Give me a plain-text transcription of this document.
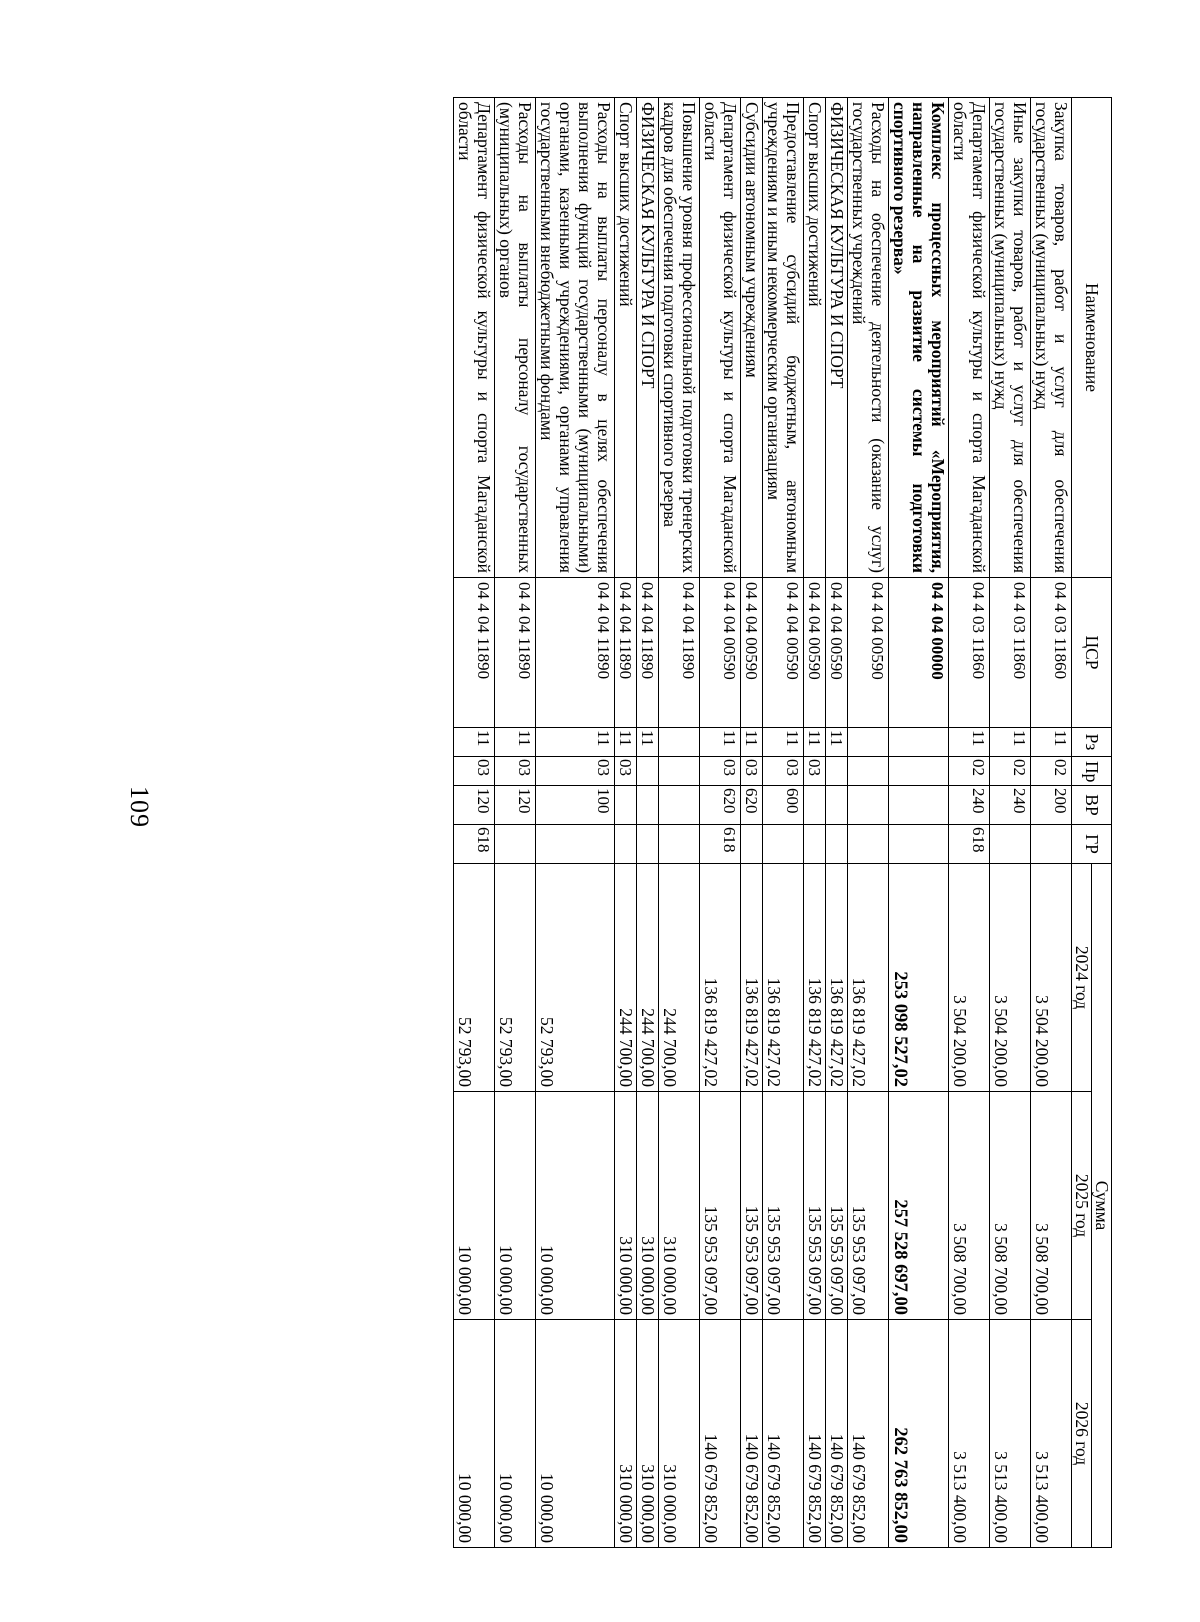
109
Наименование	ЦСР	Рз	Пр	ВР	ГР	Сумма		
						2024 год	2025 год	2026 год
Закупка товаров, работ и услуг для обеспечения государственных (муниципальных) нужд	04 4 03 11860	11	02	200		3 504 200,00	3 508 700,00	3 513 400,00
Иные закупки товаров, работ и услуг для обеспечения государственных (муниципальных) нужд	04 4 03 11860	11	02	240		3 504 200,00	3 508 700,00	3 513 400,00
Департамент физической культуры и спорта Магаданской области	04 4 03 11860	11	02	240	618	3 504 200,00	3 508 700,00	3 513 400,00
Комплекс процессных мероприятий «Мероприятия, направленные на развитие системы подготовки спортивного резерва»	04 4 04 00000					253 098 527,02	257 528 697,00	262 763 852,00
Расходы на обеспечение деятельности (оказание услуг) государственных учреждений	04 4 04 00590					136 819 427,02	135 953 097,00	140 679 852,00
ФИЗИЧЕСКАЯ КУЛЬТУРА И СПОРТ	04 4 04 00590	11				136 819 427,02	135 953 097,00	140 679 852,00
Спорт высших достижений	04 4 04 00590	11	03			136 819 427,02	135 953 097,00	140 679 852,00
Предоставление субсидий бюджетным, автономным учреждениям и иным некоммерческим организациям	04 4 04 00590	11	03	600		136 819 427,02	135 953 097,00	140 679 852,00
Субсидии автономным учреждениям	04 4 04 00590	11	03	620		136 819 427,02	135 953 097,00	140 679 852,00
Департамент физической культуры и спорта Магаданской области	04 4 04 00590	11	03	620	618	136 819 427,02	135 953 097,00	140 679 852,00
Повышение уровня профессиональной подготовки тренерских кадров для обеспечения подготовки спортивного резерва	04 4 04 11890					244 700,00	310 000,00	310 000,00
ФИЗИЧЕСКАЯ КУЛЬТУРА И СПОРТ	04 4 04 11890	11				244 700,00	310 000,00	310 000,00
Спорт высших достижений	04 4 04 11890	11	03			244 700,00	310 000,00	310 000,00
Расходы на выплаты персоналу в целях обеспечения выполнения функций государственными (муниципальными) органами, казенными учреждениями, органами управления государственными внебюджетными фондами	04 4 04 11890	11	03	100		52 793,00	10 000,00	10 000,00
Расходы на выплаты персоналу государственных (муниципальных) органов	04 4 04 11890	11	03	120		52 793,00	10 000,00	10 000,00
Департамент физической культуры и спорта Магаданской области	04 4 04 11890	11	03	120	618	52 793,00	10 000,00	10 000,00
